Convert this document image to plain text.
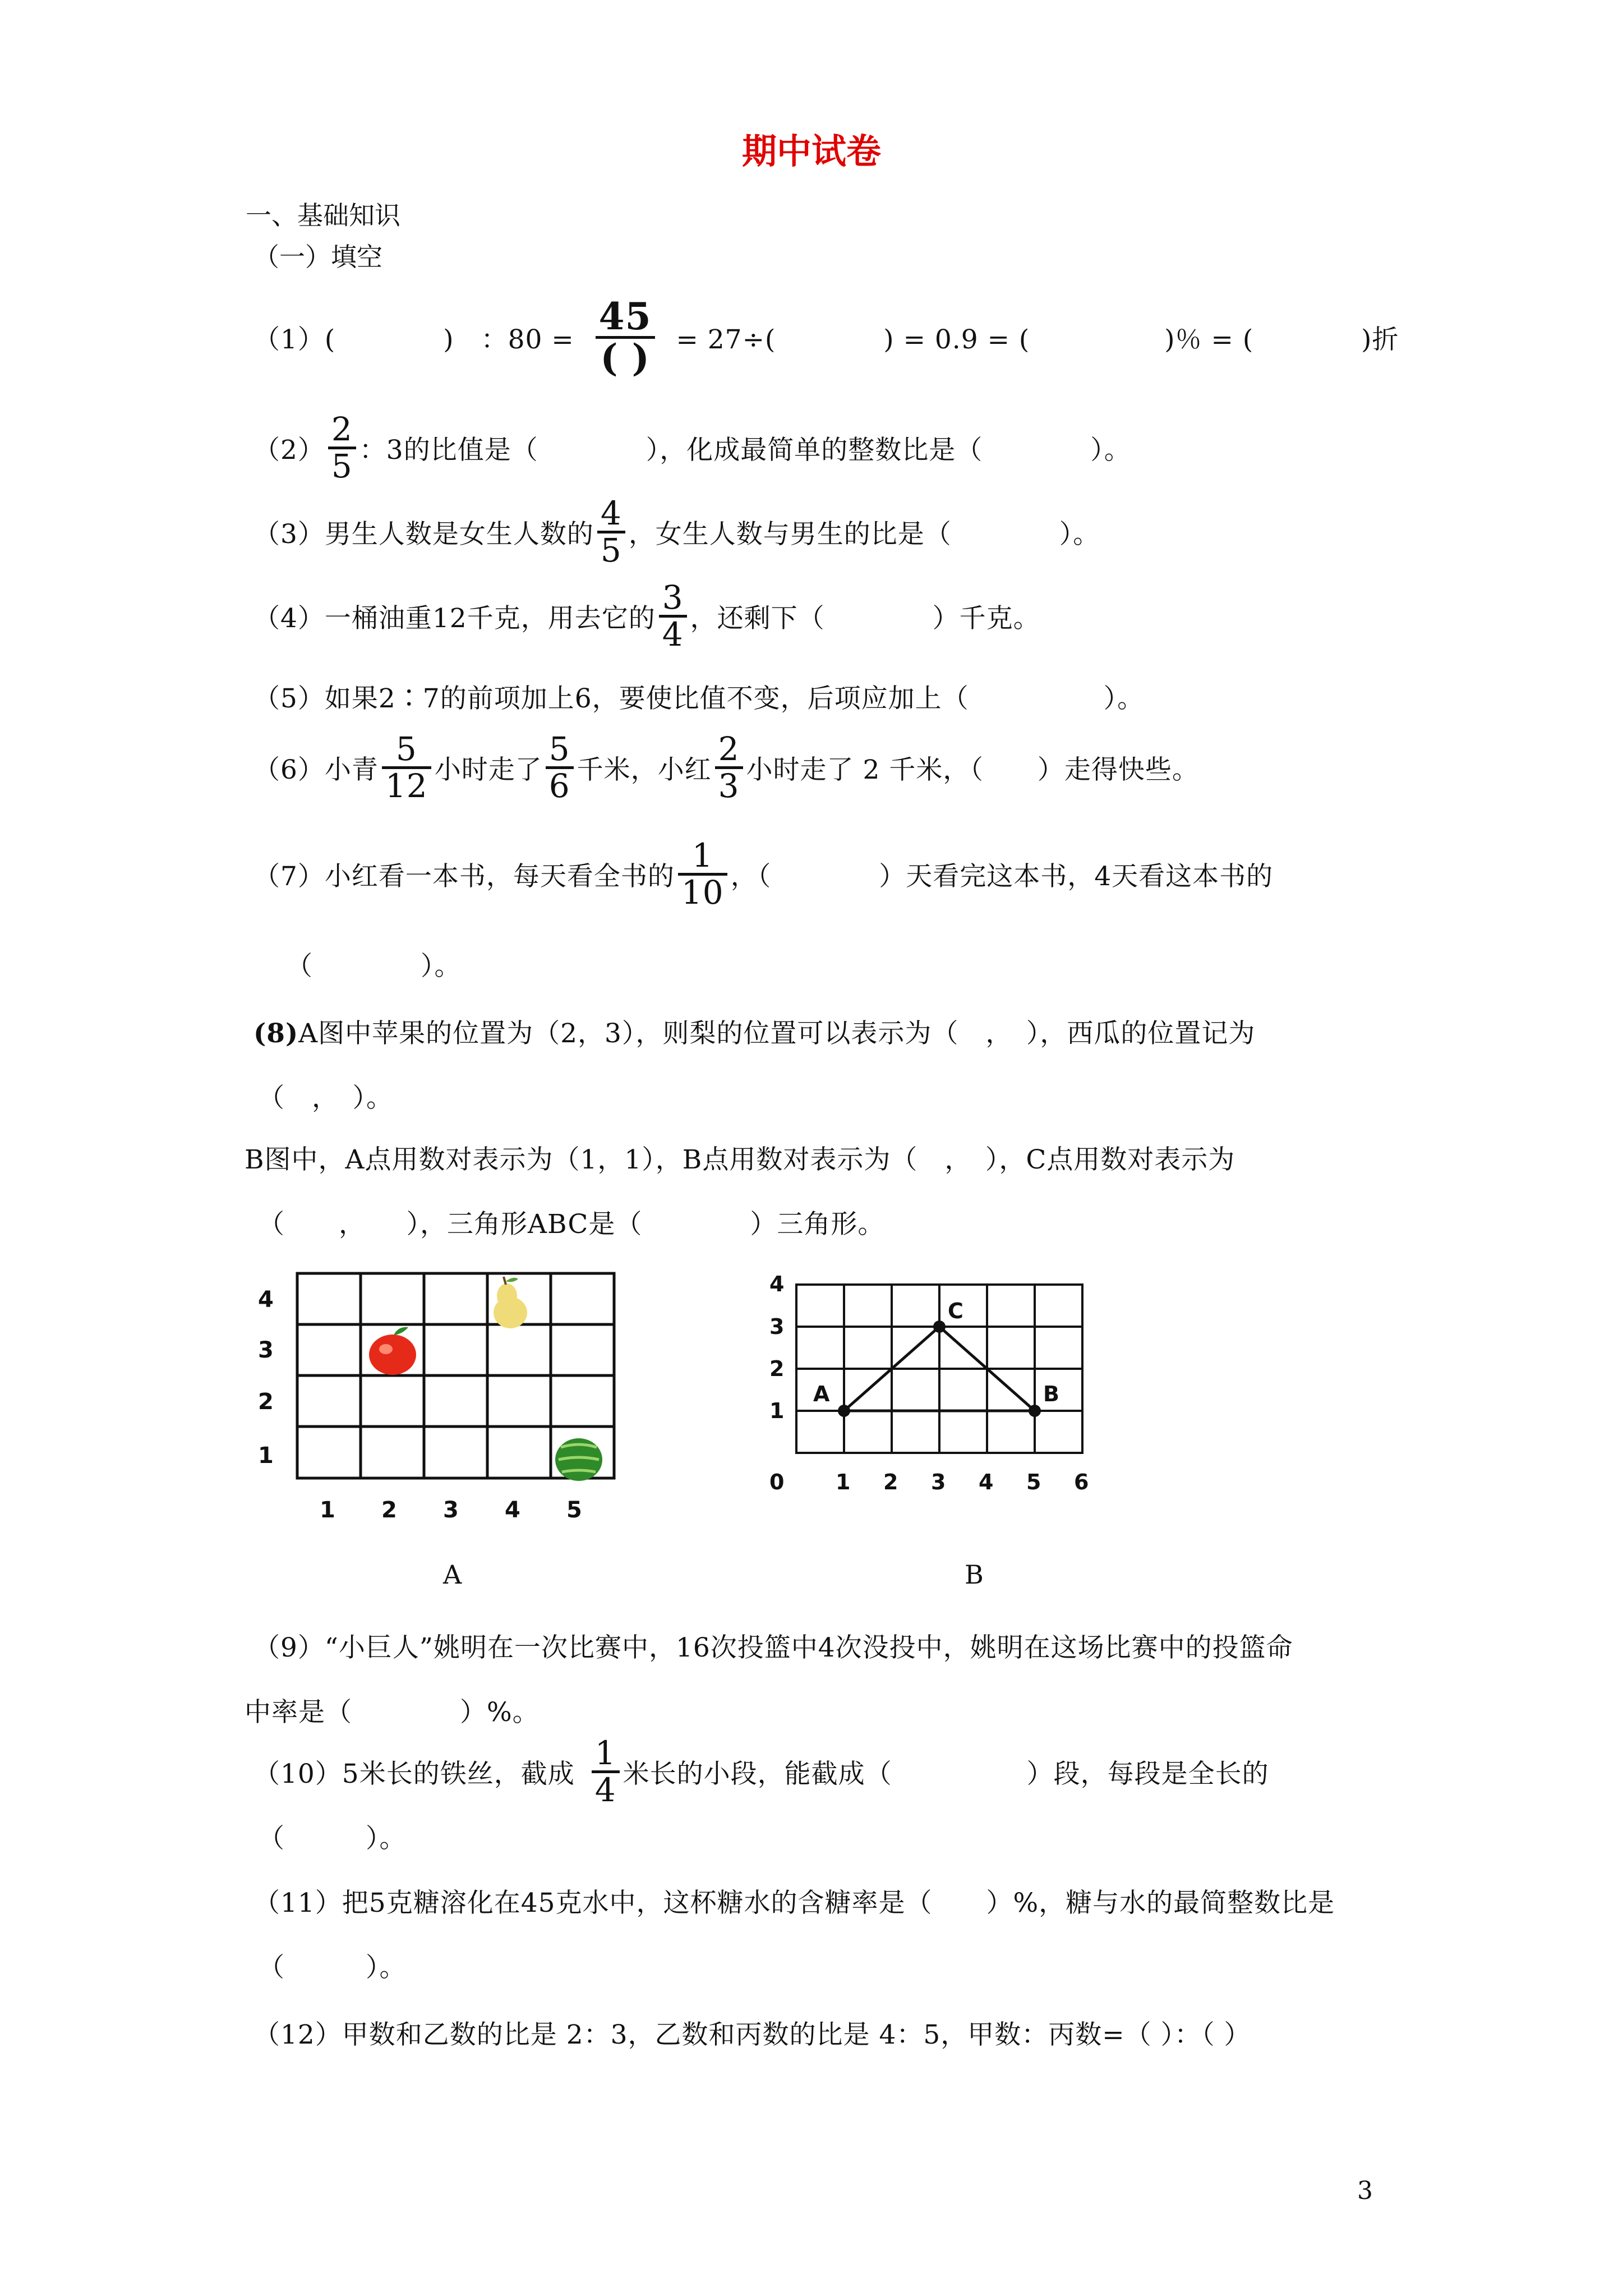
期中试卷
一、基础知识
（一）填空
（1）(　　　　)　：80 =
45
( ) = 27÷(　　　　) = 0.9 = (　　　　　)％ = (　　　　)折
（2）
2
5 ：3的比值是（　　　　），化成最简单的整数比是（　　　　）。
（3）男生人数是女生人数的
4
5 ，女生人数与男生的比是（　　　　）。
（4）一桶油重12千克，用去它的
3
4 ，还剩下（　　　　）千克。
（5）如果2∶7的前项加上6，要使比值不变，后项应加上（　　　　　）。
（6）小青
5
12 小时走了
5
6 千米，小红
2
3 小时走了 2 千米，（　　）走得快些。
（7）小红看一本书，每天看全书的
1
10 ，（　　　　）天看完这本书，4天看这本书的
（　　　　）。
(8)A图中苹果的位置为（2，3），则梨的位置可以表示为（　，　），西瓜的位置记为
（　，　）。
B图中，A点用数对表示为（1，1），B点用数对表示为（　，　），C点用数对表示为
（　　，　　），三角形ABC是（　　　　）三角形。
4
3
2
1
1 2 3 4 5
A
4
3
2
1
0 1 2 3 4 5 6
A	B
C
B
（9）“小巨人”姚明在一次比赛中，16次投篮中4次没投中，姚明在这场比赛中的投篮命
中率是（　　　　）%。
（10）5米长的铁丝，截成
1
4 米长的小段，能截成（　　　　　）段，每段是全长的
（　　　）。
（11）把5克糖溶化在45克水中，这杯糖水的含糖率是（　　）%，糖与水的最简整数比是
（　　　）。
（12）甲数和乙数的比是 2：3，乙数和丙数的比是 4：5，甲数：丙数=（ ）：（ ）
3
